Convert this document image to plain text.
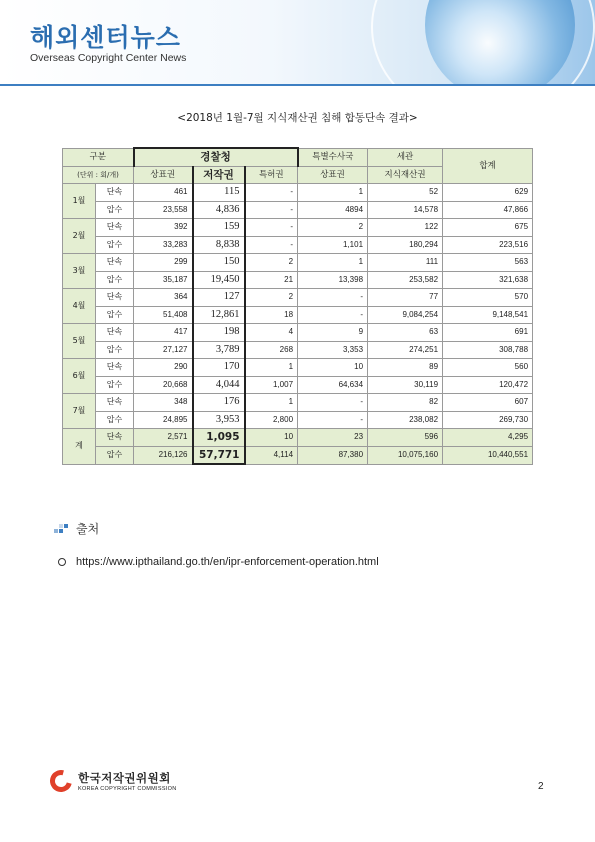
해외센터뉴스
Overseas Copyright Center News
<2018년 1월-7월 지식재산권 침해 합동단속 결과>
구분		경찰청			특별수사국	세관	합계
(단위 : 회/개)		상표권	저작권	특허권	상표권	지식재산권	
1월	단속	461	115	-	1	52	629
	압수	23,558	4,836	-	4894	14,578	47,866
2월	단속	392	159	-	2	122	675
	압수	33,283	8,838	-	1,101	180,294	223,516
3월	단속	299	150	2	1	111	563
	압수	35,187	19,450	21	13,398	253,582	321,638
4월	단속	364	127	2	-	77	570
	압수	51,408	12,861	18	-	9,084,254	9,148,541
5월	단속	417	198	4	9	63	691
	압수	27,127	3,789	268	3,353	274,251	308,788
6월	단속	290	170	1	10	89	560
	압수	20,668	4,044	1,007	64,634	30,119	120,472
7월	단속	348	176	1	-	82	607
	압수	24,895	3,953	2,800	-	238,082	269,730
계	단속	2,571	1,095	10	23	596	4,295
	압수	216,126	57,771	4,114	87,380	10,075,160	10,440,551
출처
https://www.ipthailand.go.th/en/ipr-enforcement-operation.html
한국저작권위원회
KOREA COPYRIGHT COMMISSION	2
